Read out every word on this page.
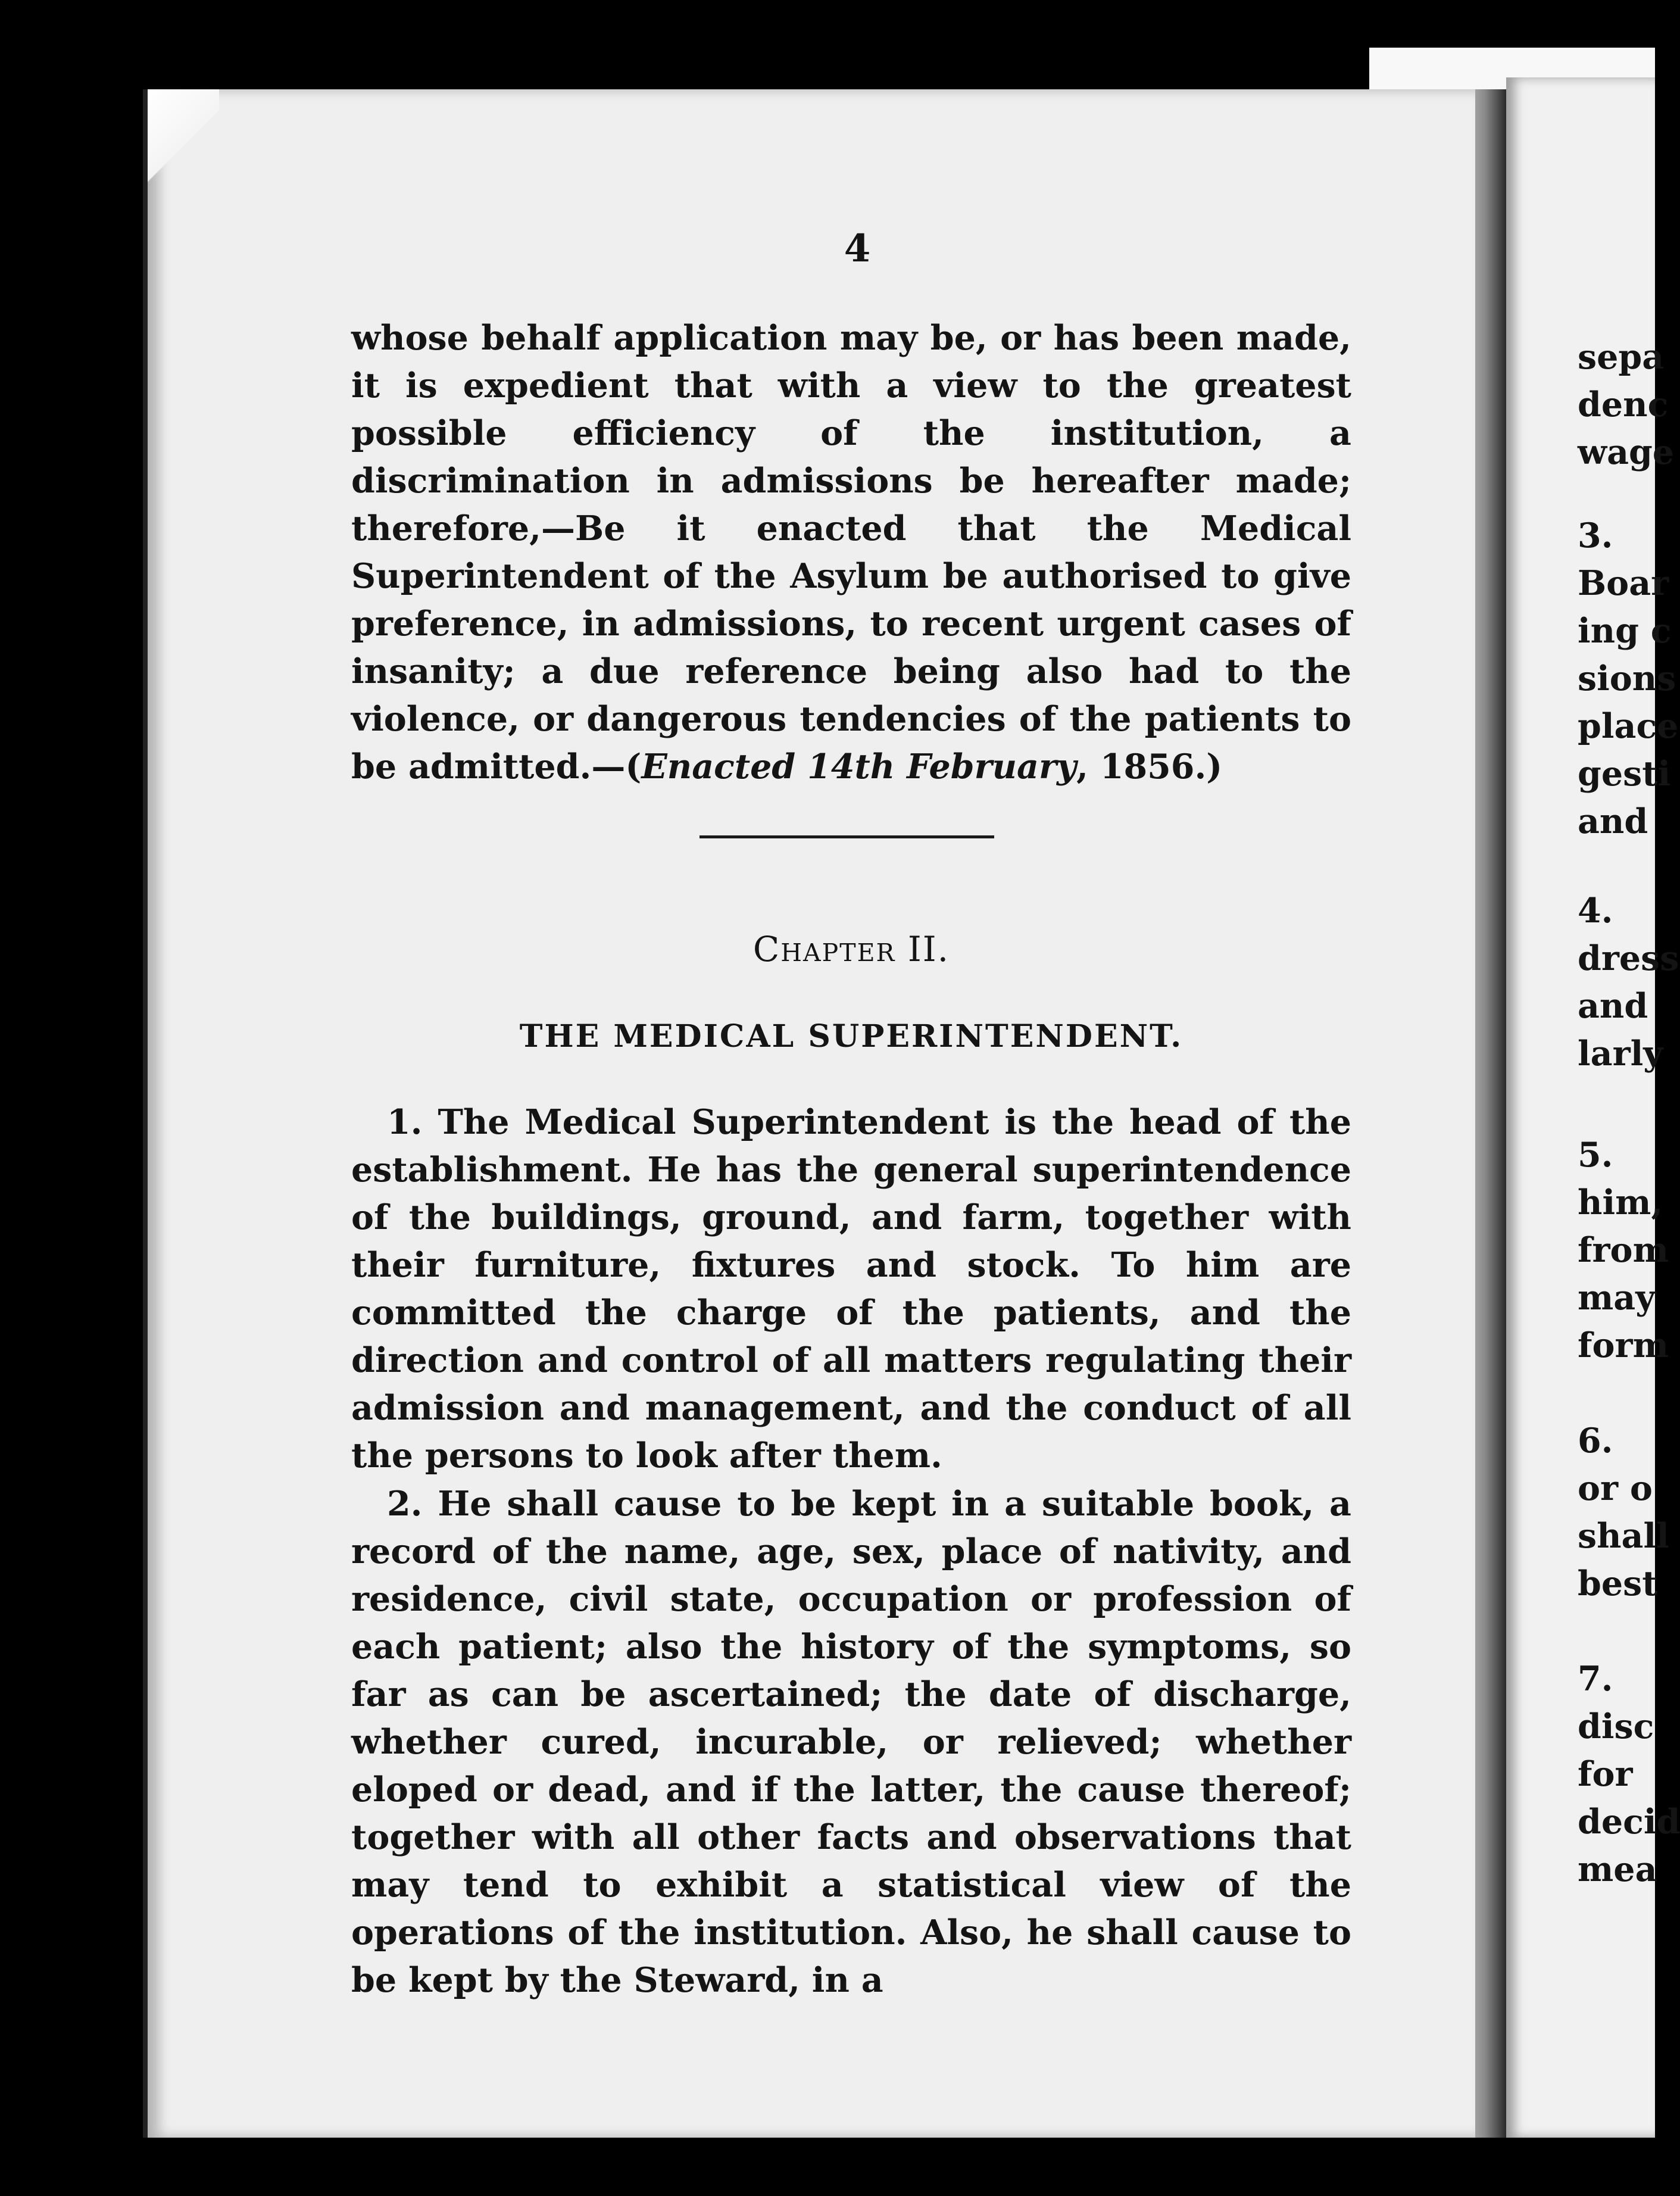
4
whose behalf application may be, or has been made, it is expedient that with a view to the greatest possible efficiency of the institution, a discrimination in admissions be hereafter made; therefore,—Be it enacted that the Medical Superintendent of the Asylum be authorised to give preference, in admissions, to recent urgent cases of insanity; a due reference being also had to the violence, or dangerous tendencies of the patients to be admitted.—(Enacted 14th February, 1856.)
Chapter II.
THE MEDICAL SUPERINTENDENT.
1. The Medical Superintendent is the head of the establishment. He has the general superintendence of the buildings, ground, and farm, together with their furniture, fixtures and stock. To him are committed the charge of the patients, and the direction and control of all matters regulating their admission and management, and the conduct of all the persons to look after them.
2. He shall cause to be kept in a suitable book, a record of the name, age, sex, place of nativity, and residence, civil state, occupation or profession of each patient; also the history of the symptoms, so far as can be ascertained; the date of discharge, whether cured, incurable, or relieved; whether eloped or dead, and if the latter, the cause thereof; together with all other facts and observations that may tend to exhibit a statistical view of the operations of the institution. Also, he shall cause to be kept by the Steward, in a
sepa
denc
wage
3.
Boar
ing c
sions
place
gesti
and
4.
dress
and
larly
5.
him,
from
may
form
6.
or o
shall
best
7.
disc
for
decid
mea
